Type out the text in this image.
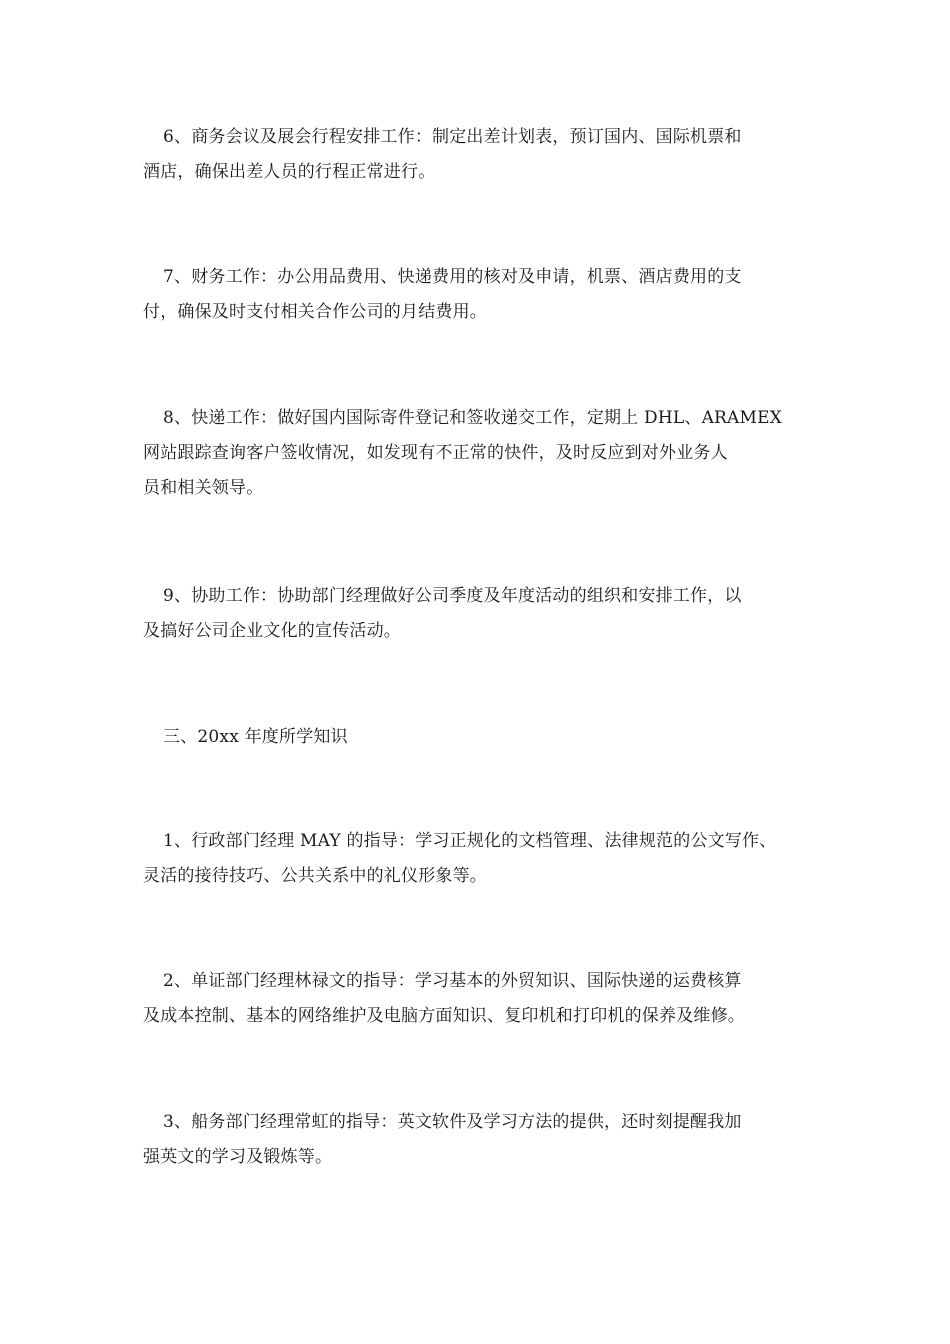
6、商务会议及展会行程安排工作：制定出差计划表，预订国内、国际机票和
酒店，确保出差人员的行程正常进行。

7、财务工作：办公用品费用、快递费用的核对及申请，机票、酒店费用的支
付，确保及时支付相关合作公司的月结费用。

8、快递工作：做好国内国际寄件登记和签收递交工作，定期上 DHL、ARAMEX
网站跟踪查询客户签收情况，如发现有不正常的快件，及时反应到对外业务人
员和相关领导。

9、协助工作：协助部门经理做好公司季度及年度活动的组织和安排工作，以
及搞好公司企业文化的宣传活动。

三、20xx 年度所学知识

1、行政部门经理 MAY 的指导：学习正规化的文档管理、法律规范的公文写作、
灵活的接待技巧、公共关系中的礼仪形象等。

2、单证部门经理林禄文的指导：学习基本的外贸知识、国际快递的运费核算
及成本控制、基本的网络维护及电脑方面知识、复印机和打印机的保养及维修。

3、船务部门经理常虹的指导：英文软件及学习方法的提供，还时刻提醒我加
强英文的学习及锻炼等。
